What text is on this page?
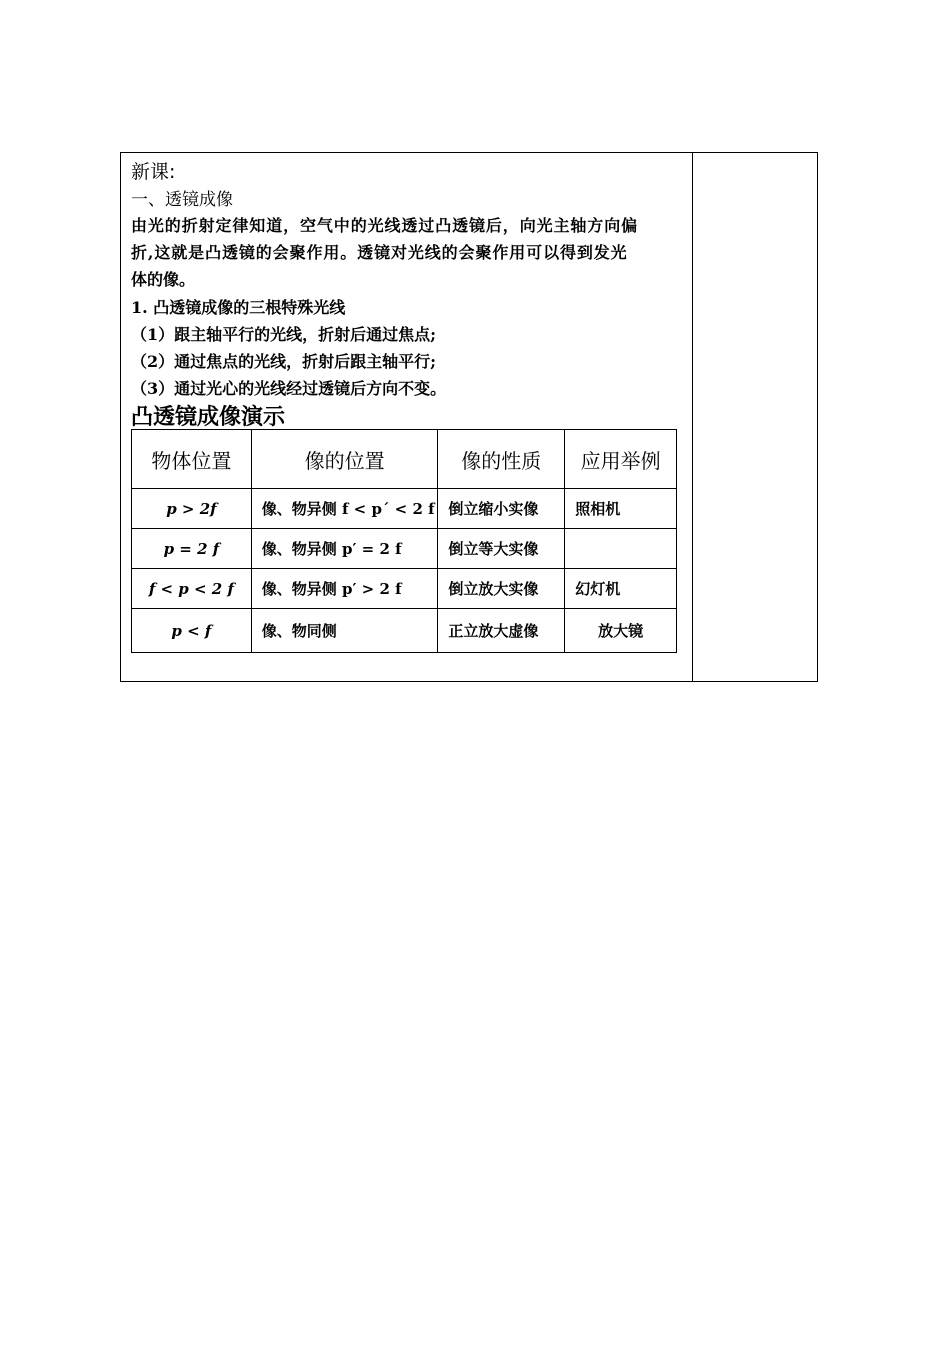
新课:
一、透镜成像
由光的折射定律知道，空气中的光线透过凸透镜后，向光主轴方向偏
折,这就是凸透镜的会聚作用。透镜对光线的会聚作用可以得到发光
体的像。
1. 凸透镜成像的三根特殊光线
（1）跟主轴平行的光线，折射后通过焦点;
（2）通过焦点的光线，折射后跟主轴平行;
（3）通过光心的光线经过透镜后方向不变。
凸透镜成像演示
物体位置	像的位置	像的性质	应用举例
p > 2f	像、物异侧 f < p´ < 2 f	倒立缩小实像	照相机
p = 2 f	像、物异侧 p′ = 2 f	倒立等大实像	
f < p < 2 f	像、物异侧 p′ > 2 f	倒立放大实像	幻灯机
p < f	像、物同侧	正立放大虚像	放大镜
